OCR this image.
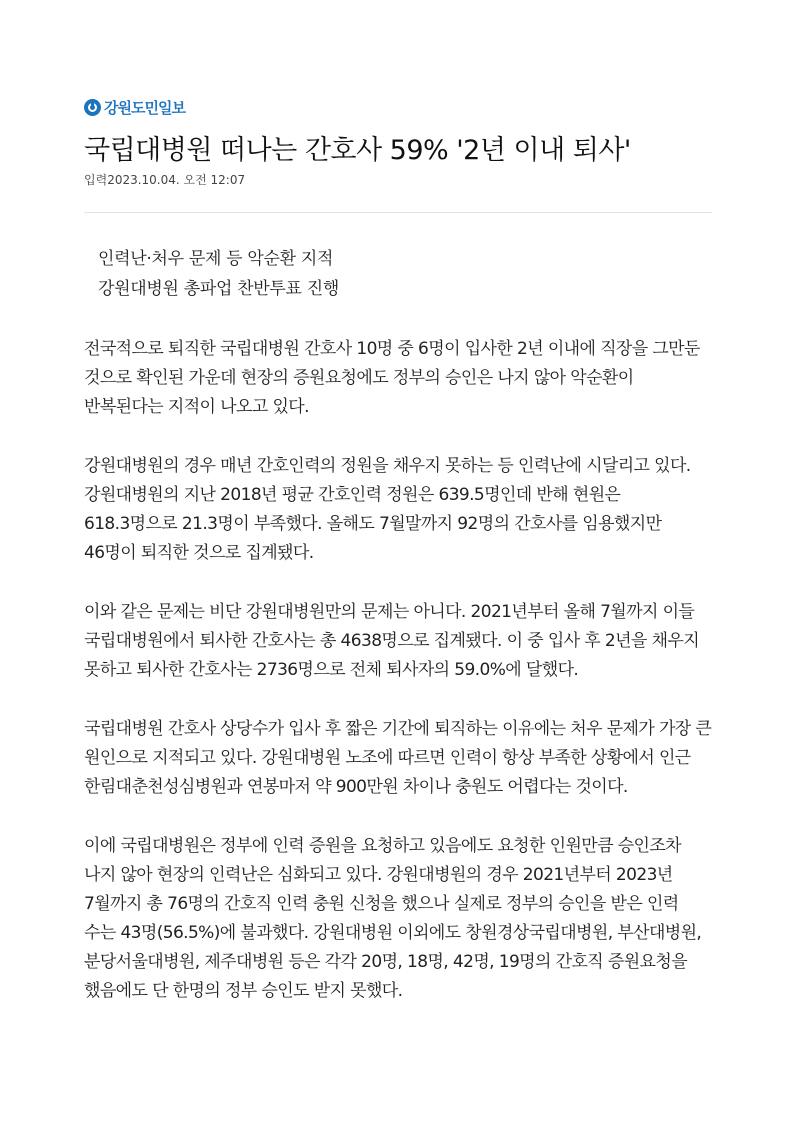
강원도민일보
국립대병원 떠나는 간호사 59% '2년 이내 퇴사'
입력 2023.10.04. 오전 12:07
인력난·처우 문제 등 악순환 지적
강원대병원 총파업 찬반투표 진행
전국적으로 퇴직한 국립대병원 간호사 10명 중 6명이 입사한 2년 이내에 직장을 그만둔 것으로 확인된 가운데 현장의 증원요청에도 정부의 승인은 나지 않아 악순환이 반복된다는 지적이 나오고 있다.
강원대병원의 경우 매년 간호인력의 정원을 채우지 못하는 등 인력난에 시달리고 있다. 강원대병원의 지난 2018년 평균 간호인력 정원은 639.5명인데 반해 현원은 618.3명으로 21.3명이 부족했다. 올해도 7월말까지 92명의 간호사를 임용했지만 46명이 퇴직한 것으로 집계됐다.
이와 같은 문제는 비단 강원대병원만의 문제는 아니다. 2021년부터 올해 7월까지 이들 국립대병원에서 퇴사한 간호사는 총 4638명으로 집계됐다. 이 중 입사 후 2년을 채우지 못하고 퇴사한 간호사는 2736명으로 전체 퇴사자의 59.0%에 달했다.
국립대병원 간호사 상당수가 입사 후 짧은 기간에 퇴직하는 이유에는 처우 문제가 가장 큰 원인으로 지적되고 있다. 강원대병원 노조에 따르면 인력이 항상 부족한 상황에서 인근 한림대춘천성심병원과 연봉마저 약 900만원 차이나 충원도 어렵다는 것이다.
이에 국립대병원은 정부에 인력 증원을 요청하고 있음에도 요청한 인원만큼 승인조차 나지 않아 현장의 인력난은 심화되고 있다. 강원대병원의 경우 2021년부터 2023년 7월까지 총 76명의 간호직 인력 충원 신청을 했으나 실제로 정부의 승인을 받은 인력 수는 43명(56.5%)에 불과했다. 강원대병원 이외에도 창원경상국립대병원, 부산대병원, 분당서울대병원, 제주대병원 등은 각각 20명, 18명, 42명, 19명의 간호직 증원요청을 했음에도 단 한명의 정부 승인도 받지 못했다.
